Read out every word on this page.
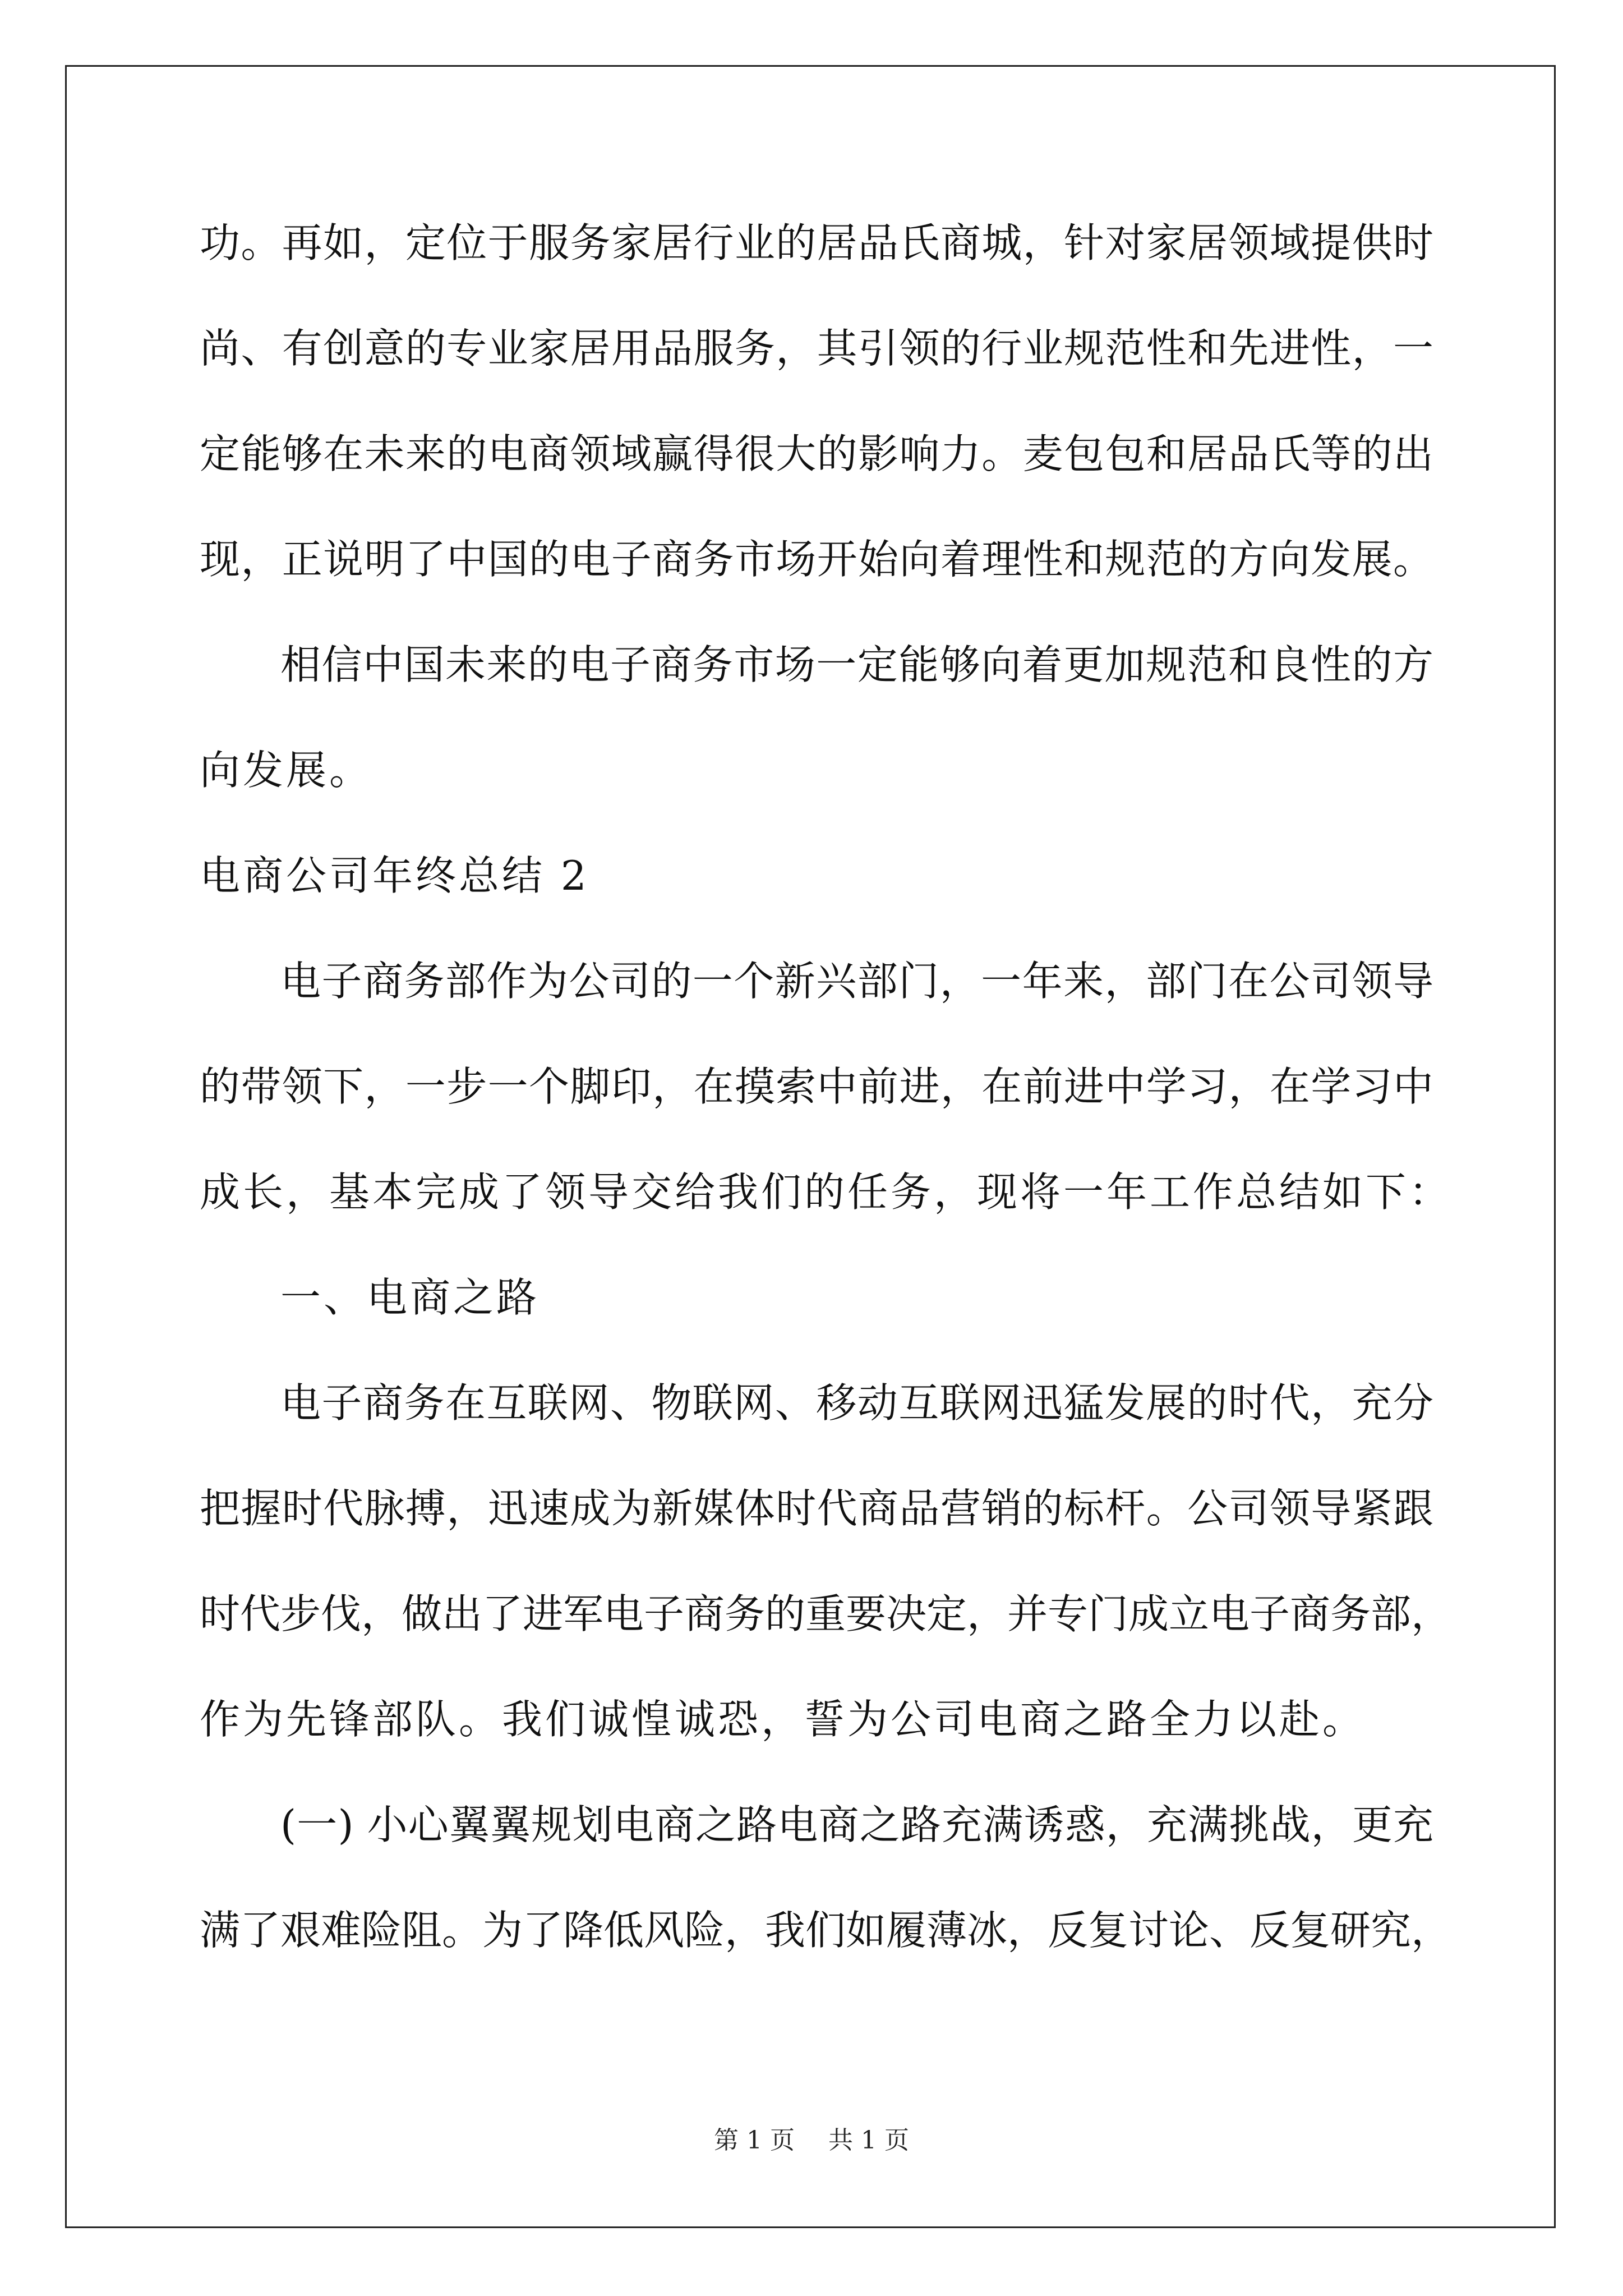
功。再如，定位于服务家居行业的居品氏商城，针对家居领域提供时
尚、有创意的专业家居用品服务，其引领的行业规范性和先进性，一
定能够在未来的电商领域赢得很大的影响力。麦包包和居品氏等的出
现，正说明了中国的电子商务市场开始向着理性和规范的方向发展。
相信中国未来的电子商务市场一定能够向着更加规范和良性的方
向发展。
电商公司年终总结 2
电子商务部作为公司的一个新兴部门，一年来，部门在公司领导
的带领下，一步一个脚印，在摸索中前进，在前进中学习，在学习中
成长，基本完成了领导交给我们的任务，现将一年工作总结如下：
一、电商之路
电子商务在互联网、物联网、移动互联网迅猛发展的时代，充分
把握时代脉搏，迅速成为新媒体时代商品营销的标杆。公司领导紧跟
时代步伐，做出了进军电子商务的重要决定，并专门成立电子商务部，
作为先锋部队。我们诚惶诚恐，誓为公司电商之路全力以赴。
(一) 小心翼翼规划电商之路电商之路充满诱惑，充满挑战，更充
满了艰难险阻。为了降低风险，我们如履薄冰，反复讨论、反复研究，
第 1 页 共 1 页
